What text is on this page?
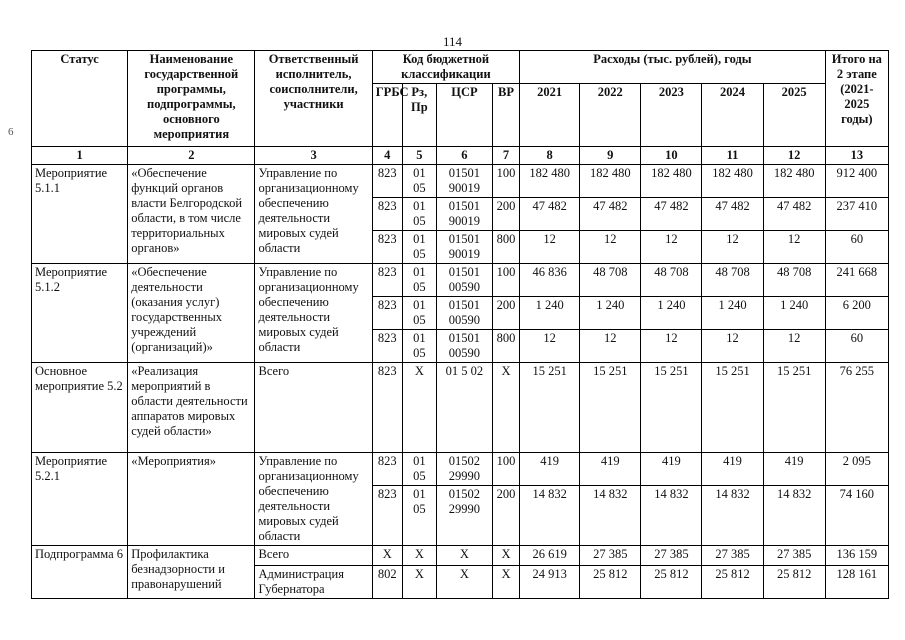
114
6
Статус	Наименование государственной программы, подпрограммы, основного мероприятия	Ответственный исполнитель, соисполнители, участники	Код бюджетной классификации				Расходы (тыс. рублей), годы					Итого на 2 этапе (2021-2025 годы)
			ГРБС	Рз, Пр	ЦСР	ВР	2021	2022	2023	2024	2025	
1	2	3	4	5	6	7	8	9	10	11	12	13
Мероприятие 5.1.1	«Обеспечение функций органов власти Белгородской области, в том числе территориальных органов»	Управление по организационному обеспечению деятельности мировых судей области	823	01 05	01501 90019	100	182 480	182 480	182 480	182 480	182 480	912 400
			823	01 05	01501 90019	200	47 482	47 482	47 482	47 482	47 482	237 410
			823	01 05	01501 90019	800	12	12	12	12	12	60
Мероприятие 5.1.2	«Обеспечение деятельности (оказания услуг) государственных учреждений (организаций)»	Управление по организационному обеспечению деятельности мировых судей области	823	01 05	01501 00590	100	46 836	48 708	48 708	48 708	48 708	241 668
			823	01 05	01501 00590	200	1 240	1 240	1 240	1 240	1 240	6 200
			823	01 05	01501 00590	800	12	12	12	12	12	60
Основное мероприятие 5.2	«Реализация мероприятий в области деятельности аппаратов мировых судей области»	Всего	823	X	01 5 02	X	15 251	15 251	15 251	15 251	15 251	76 255
Мероприятие 5.2.1	«Мероприятия»	Управление по организационному обеспечению деятельности мировых судей области	823	01 05	01502 29990	100	419	419	419	419	419	2 095
			823	01 05	01502 29990	200	14 832	14 832	14 832	14 832	14 832	74 160
Подпрограмма 6	Профилактика безнадзорности и правонарушений	Всего	X	X	X	X	26 619	27 385	27 385	27 385	27 385	136 159
		Администрация Губернатора	802	X	X	X	24 913	25 812	25 812	25 812	25 812	128 161
